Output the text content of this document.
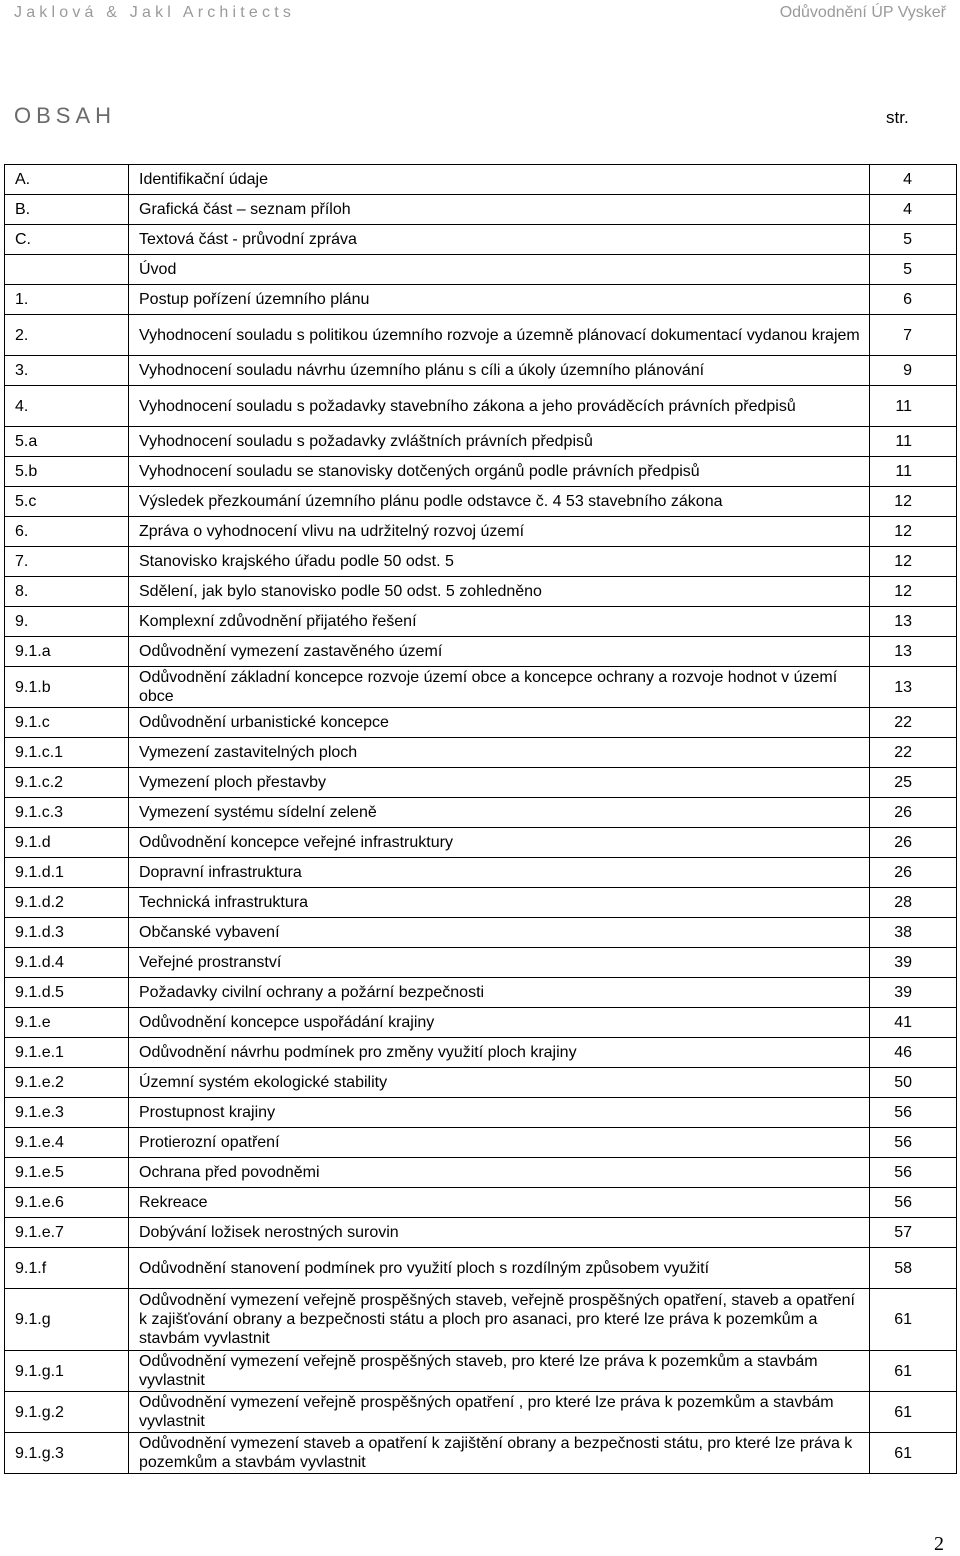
Jaklová & Jakl Architects	Odůvodnění ÚP Vyskeř
OBSAH	str.
A.	Identifikační údaje	4
B.	Grafická část – seznam příloh	4
C.	Textová část - průvodní zpráva	5
	Úvod	5
1.	Postup pořízení územního plánu	6
2.	Vyhodnocení souladu s politikou územního rozvoje a územně plánovací dokumentací vydanou krajem	7
3.	Vyhodnocení souladu návrhu územního plánu s cíli a úkoly územního plánování	9
4.	Vyhodnocení souladu s požadavky stavebního zákona a jeho prováděcích právních předpisů	11
5.a	Vyhodnocení souladu s požadavky zvláštních právních předpisů	11
5.b	Vyhodnocení souladu se stanovisky dotčených orgánů podle právních předpisů	11
5.c	Výsledek přezkoumání územního plánu podle odstavce č. 4 53 stavebního zákona	12
6.	Zpráva o vyhodnocení vlivu na udržitelný rozvoj území	12
7.	Stanovisko krajského úřadu podle 50 odst. 5	12
8.	Sdělení, jak bylo stanovisko podle 50 odst. 5 zohledněno	12
9.	Komplexní zdůvodnění přijatého řešení	13
9.1.a	Odůvodnění vymezení zastavěného území	13
9.1.b	Odůvodnění základní koncepce rozvoje území obce a koncepce ochrany a rozvoje hodnot v území obce	13
9.1.c	Odůvodnění urbanistické koncepce	22
9.1.c.1	Vymezení zastavitelných ploch	22
9.1.c.2	Vymezení ploch přestavby	25
9.1.c.3	Vymezení systému sídelní zeleně	26
9.1.d	Odůvodnění koncepce veřejné infrastruktury	26
9.1.d.1	Dopravní infrastruktura	26
9.1.d.2	Technická infrastruktura	28
9.1.d.3	Občanské vybavení	38
9.1.d.4	Veřejné prostranství	39
9.1.d.5	Požadavky civilní ochrany a požární bezpečnosti	39
9.1.e	Odůvodnění koncepce uspořádání krajiny	41
9.1.e.1	Odůvodnění návrhu podmínek pro změny využití ploch krajiny	46
9.1.e.2	Územní systém ekologické stability	50
9.1.e.3	Prostupnost krajiny	56
9.1.e.4	Protierozní opatření	56
9.1.e.5	Ochrana před povodněmi	56
9.1.e.6	Rekreace	56
9.1.e.7	Dobývání ložisek nerostných surovin	57
9.1.f	Odůvodnění stanovení podmínek pro využití ploch s rozdílným způsobem využití	58
9.1.g	Odůvodnění vymezení veřejně prospěšných staveb, veřejně prospěšných opatření, staveb a opatření k zajišťování obrany a bezpečnosti státu a ploch pro asanaci, pro které lze práva k pozemkům a stavbám vyvlastnit	61
9.1.g.1	Odůvodnění vymezení veřejně prospěšných staveb, pro které lze práva k pozemkům a stavbám vyvlastnit	61
9.1.g.2	Odůvodnění vymezení veřejně prospěšných opatření , pro které lze práva k pozemkům a stavbám vyvlastnit	61
9.1.g.3	Odůvodnění vymezení staveb a opatření k zajištění obrany a bezpečnosti státu, pro které lze práva k pozemkům a stavbám vyvlastnit	61
2
